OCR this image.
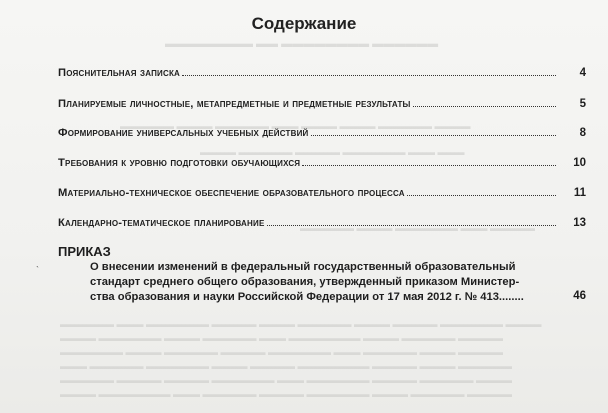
▬▬▬▬▬▬ ▬▬▬▬▬▬▬▬ ▬▬ ▬▬▬▬▬▬▬▬
▬▬▬▬▬▬ ▬▬▬▬ ▬▬▬▬▬▬ ▬▬▬ ▬▬▬▬ ▬▬▬▬ ▬▬▬▬▬▬ ▬▬▬▬
▬▬▬▬ ▬▬▬▬▬▬ ▬▬▬▬▬ ▬▬▬▬▬▬▬ ▬▬▬ ▬▬▬
▬▬▬▬▬▬ ▬▬▬▬ ▬▬▬▬▬▬▬ ▬▬▬ ▬▬▬▬▬
▬▬▬▬▬▬ ▬▬▬ ▬▬▬▬▬▬▬ ▬▬▬▬▬ ▬▬▬▬ ▬▬▬▬▬▬ ▬▬▬▬ ▬▬▬▬▬ ▬▬▬▬▬▬▬ ▬▬▬▬
▬▬▬▬ ▬▬▬▬▬▬▬ ▬▬▬▬ ▬▬▬▬▬▬ ▬▬▬ ▬▬▬▬▬▬▬▬ ▬▬▬▬ ▬▬▬▬▬▬ ▬▬▬▬▬
▬▬▬▬▬▬▬ ▬▬▬▬ ▬▬▬▬▬▬ ▬▬▬▬▬ ▬▬▬▬▬▬▬ ▬▬▬ ▬▬▬▬▬▬ ▬▬▬▬ ▬▬▬▬▬
▬▬▬ ▬▬▬▬▬▬ ▬▬▬▬▬▬▬ ▬▬▬▬ ▬▬▬▬▬ ▬▬▬▬▬▬▬▬ ▬▬▬▬▬ ▬▬▬▬ ▬▬▬▬▬▬
▬▬▬▬▬▬ ▬▬▬▬▬ ▬▬▬▬▬ ▬▬▬▬▬▬▬ ▬▬▬ ▬▬▬▬▬▬▬ ▬▬▬▬▬ ▬▬▬▬▬▬ ▬▬▬▬
▬▬▬▬ ▬▬▬▬▬▬▬▬ ▬▬▬ ▬▬▬▬▬▬ ▬▬▬▬▬ ▬▬▬▬▬▬▬ ▬▬▬▬ ▬▬▬▬▬▬ ▬▬▬▬▬
Содержание
Пояснительная записка	4
Планируемые личностные, метапредметные и предметные результаты	5
Формирование универсальных учебных действий	8
Требования к уровню подготовки обучающихся	10
Материально-техническое обеспечение образовательного процесса	11
Календарно-тематическое планирование	13
ПРИКАЗ
`	О внесении изменений в федеральный государственный образовательный
стандарт среднего общего образования, утвержденный приказом Министер-
ства образования и науки Российской Федерации от 17 мая 2012 г. № 413........	46
